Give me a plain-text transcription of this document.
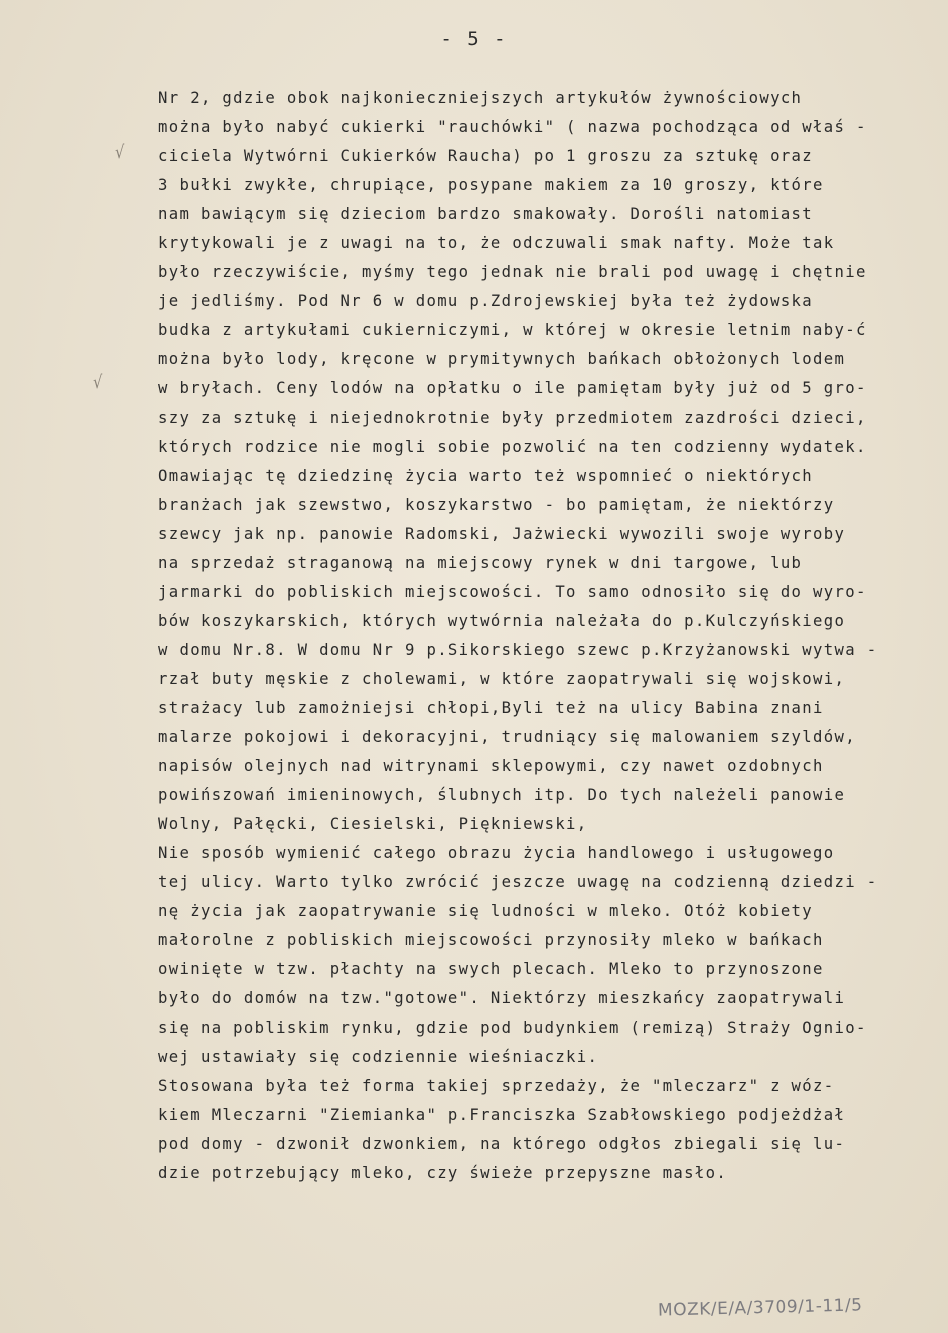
- 5 -
√
√
Nr 2, gdzie obok najkonieczniejszych artykułów żywnościowych
można było nabyć cukierki "rauchówki" ( nazwa pochodząca od właś -
ciciela Wytwórni Cukierków Raucha) po 1 groszu za sztukę oraz
3 bułki zwykłe, chrupiące, posypane makiem za 10 groszy, które
nam bawiącym się dzieciom bardzo smakowały. Dorośli natomiast
krytykowali je z uwagi na to, że odczuwali smak nafty. Może tak
było rzeczywiście, myśmy tego jednak nie brali pod uwagę i chętnie
je jedliśmy. Pod Nr 6 w domu p.Zdrojewskiej była też żydowska
budka z artykułami cukierniczymi, w której w okresie letnim naby-ć
można było lody, kręcone w prymitywnych bańkach obłożonych lodem
w bryłach. Ceny lodów na opłatku o ile pamiętam były już od 5 gro-
szy za sztukę i niejednokrotnie były przedmiotem zazdrości dzieci,
których rodzice nie mogli sobie pozwolić na ten codzienny wydatek.
Omawiając tę dziedzinę życia warto też wspomnieć o niektórych
branżach jak szewstwo, koszykarstwo - bo pamiętam, że niektórzy
szewcy jak np. panowie Radomski, Jażwiecki wywozili swoje wyroby
na sprzedaż straganową na miejscowy rynek w dni targowe, lub
jarmarki do pobliskich miejscowości. To samo odnosiło się do wyro-
bów koszykarskich, których wytwórnia należała do p.Kulczyńskiego
w domu Nr.8. W domu Nr 9 p.Sikorskiego szewc p.Krzyżanowski wytwa -
rzał buty męskie z cholewami, w które zaopatrywali się wojskowi,
strażacy lub zamożniejsi chłopi,Byli też na ulicy Babina znani
malarze pokojowi i dekoracyjni, trudniący się malowaniem szyldów,
napisów olejnych nad witrynami sklepowymi, czy nawet ozdobnych
powińszowań imieninowych, ślubnych itp. Do tych należeli panowie
Wolny, Pałęcki, Ciesielski, Piękniewski,
Nie sposób wymienić całego obrazu życia handlowego i usługowego
tej ulicy. Warto tylko zwrócić jeszcze uwagę na codzienną dziedzi -
nę życia jak zaopatrywanie się ludności w mleko. Otóż kobiety
małorolne z pobliskich miejscowości przynosiły mleko w bańkach
owinięte w tzw. płachty na swych plecach. Mleko to przynoszone
było do domów na tzw."gotowe". Niektórzy mieszkańcy zaopatrywali
się na pobliskim rynku, gdzie pod budynkiem (remizą) Straży Ognio-
wej ustawiały się codziennie wieśniaczki.
Stosowana była też forma takiej sprzedaży, że "mleczarz" z wóz-
kiem Mleczarni "Ziemianka" p.Franciszka Szabłowskiego podjeżdżał
pod domy - dzwonił dzwonkiem, na którego odgłos zbiegali się lu-
dzie potrzebujący mleko, czy świeże przepyszne masło.
MOZK/E/A/3709/1-11/5
